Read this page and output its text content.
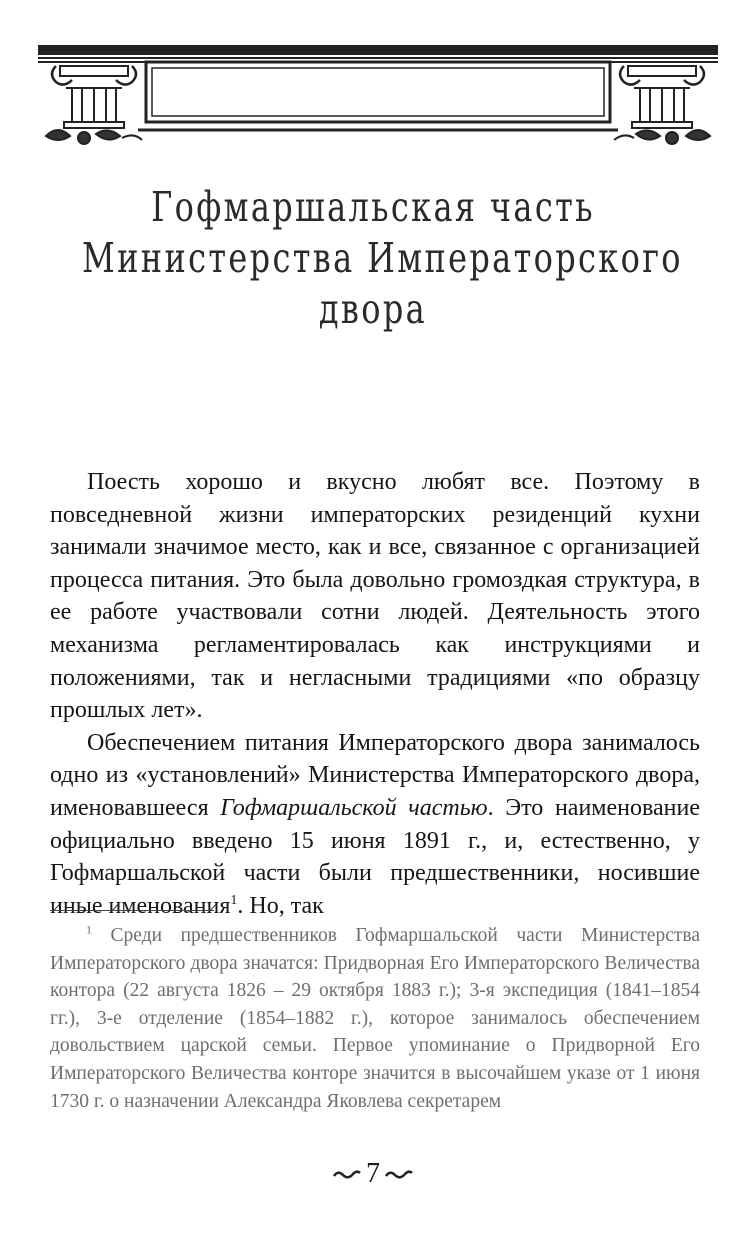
Гофмаршальская часть
Министерства Императорского
двора

Поесть хорошо и вкусно любят все. Поэтому в повседневной жизни императорских резиденций кухни занимали значимое место, как и все, связанное с организацией процесса питания. Это была довольно громоздкая структура, в ее работе участвовали сотни людей. Деятельность этого механизма регламентировалась как инструкциями и положениями, так и негласными традициями «по образцу прошлых лет».

Обеспечением питания Императорского двора занималось одно из «установлений» Министерства Императорского двора, именовавшееся Гофмаршальской частью. Это наименование официально введено 15 июня 1891 г., и, естественно, у Гофмаршальской части были предшественники, носившие иные именования$^1$. Но, так

$^1$ Среди предшественников Гофмаршальской части Министерства Императорского двора значатся: Придворная Его Императорского Величества контора (22 августа 1826 – 29 октября 1883 г.); 3-я экспедиция (1841–1854 гг.), 3-е отделение (1854–1882 г.), которое занималось обеспечением довольствием царской семьи. Первое упоминание о Придворной Его Императорского Величества конторе значится в высочайшем указе от 1 июня 1730 г. о назначении Александра Яковлева секретарем

7
